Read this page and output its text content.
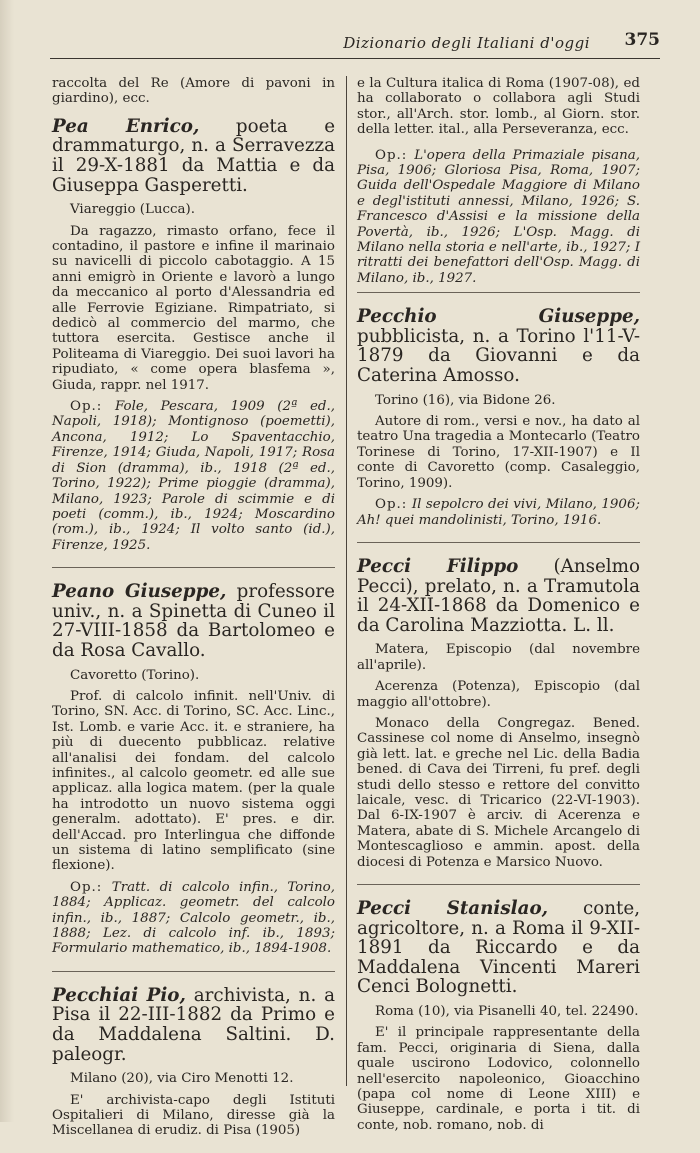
Dizionario degli Italiani d'oggi 375

raccolta del Re (Amore di pavoni in giardino), ecc.

Pea Enrico, poeta e drammaturgo, n. a Serravezza il 29-X-1881 da Mattia e da Giuseppa Gasperetti.

Viareggio (Lucca).

Da ragazzo, rimasto orfano, fece il contadino, il pastore e infine il marinaio su navicelli di piccolo cabotaggio. A 15 anni emigrò in Oriente e lavorò a lungo da meccanico al porto d'Alessandria ed alle Ferrovie Egiziane. Rimpatriato, si dedicò al commercio del marmo, che tuttora esercita. Gestisce anche il Politeama di Viareggio. Dei suoi lavori ha ripudiato, « come opera blasfema », Giuda, rappr. nel 1917.

Op.: Fole, Pescara, 1909 (2ª ed., Napoli, 1918); Montignoso (poemetti), Ancona, 1912; Lo Spaventacchio, Firenze, 1914; Giuda, Napoli, 1917; Rosa di Sion (dramma), ib., 1918 (2ª ed., Torino, 1922); Prime pioggie (dramma), Milano, 1923; Parole di scimmie e di poeti (comm.), ib., 1924; Moscardino (rom.), ib., 1924; Il volto santo (id.), Firenze, 1925.

Peano Giuseppe, professore univ., n. a Spinetta di Cuneo il 27-VIII-1858 da Bartolomeo e da Rosa Cavallo.

Cavoretto (Torino).

Prof. di calcolo infinit. nell'Univ. di Torino, SN. Acc. di Torino, SC. Acc. Linc., Ist. Lomb. e varie Acc. it. e straniere, ha più di duecento pubblicaz. relative all'analisi dei fondam. del calcolo infinites., al calcolo geometr. ed alle sue applicaz. alla logica matem. (per la quale ha introdotto un nuovo sistema oggi generalm. adottato). E' pres. e dir. dell'Accad. pro Interlingua che diffonde un sistema di latino semplificato (sine flexione).

Op.: Tratt. di calcolo infin., Torino, 1884; Applicaz. geometr. del calcolo infin., ib., 1887; Calcolo geometr., ib., 1888; Lez. di calcolo inf. ib., 1893; Formulario mathematico, ib., 1894-1908.

Pecchiai Pio, archivista, n. a Pisa il 22-III-1882 da Primo e da Maddalena Saltini. D. paleogr.

Milano (20), via Ciro Menotti 12.

E' archivista-capo degli Istituti Ospitalieri di Milano, diresse già la Miscellanea di erudiz. di Pisa (1905)

e la Cultura italica di Roma (1907-08), ed ha collaborato o collabora agli Studi stor., all'Arch. stor. lomb., al Giorn. stor. della letter. ital., alla Perseveranza, ecc.

Op.: L'opera della Primaziale pisana, Pisa, 1906; Gloriosa Pisa, Roma, 1907; Guida dell'Ospedale Maggiore di Milano e degl'istituti annessi, Milano, 1926; S. Francesco d'Assisi e la missione della Povertà, ib., 1926; L'Osp. Magg. di Milano nella storia e nell'arte, ib., 1927; I ritratti dei benefattori dell'Osp. Magg. di Milano, ib., 1927.

Pecchio Giuseppe, pubblicista, n. a Torino l'11-V-1879 da Giovanni e da Caterina Amosso.

Torino (16), via Bidone 26.

Autore di rom., versi e nov., ha dato al teatro Una tragedia a Montecarlo (Teatro Torinese di Torino, 17-XII-1907) e Il conte di Cavoretto (comp. Casaleggio, Torino, 1909).

Op.: Il sepolcro dei vivi, Milano, 1906; Ah! quei mandolinisti, Torino, 1916.

Pecci Filippo (Anselmo Pecci), prelato, n. a Tramutola il 24-XII-1868 da Domenico e da Carolina Mazziotta. L. ll.

Matera, Episcopio (dal novembre all'aprile).

Acerenza (Potenza), Episcopio (dal maggio all'ottobre).

Monaco della Congregaz. Bened. Cassinese col nome di Anselmo, insegnò già lett. lat. e greche nel Lic. della Badia bened. di Cava dei Tirreni, fu pref. degli studi dello stesso e rettore del convitto laicale, vesc. di Tricarico (22-VI-1903). Dal 6-IX-1907 è arciv. di Acerenza e Matera, abate di S. Michele Arcangelo di Montescaglioso e ammin. apost. della diocesi di Potenza e Marsico Nuovo.

Pecci Stanislao, conte, agricoltore, n. a Roma il 9-XII-1891 da Riccardo e da Maddalena Vincenti Mareri Cenci Bolognetti.

Roma (10), via Pisanelli 40, tel. 22490.

E' il principale rappresentante della fam. Pecci, originaria di Siena, dalla quale uscirono Lodovico, colonnello nell'esercito napoleonico, Gioacchino (papa col nome di Leone XIII) e Giuseppe, cardinale, e porta i tit. di conte, nob. romano, nob. di
